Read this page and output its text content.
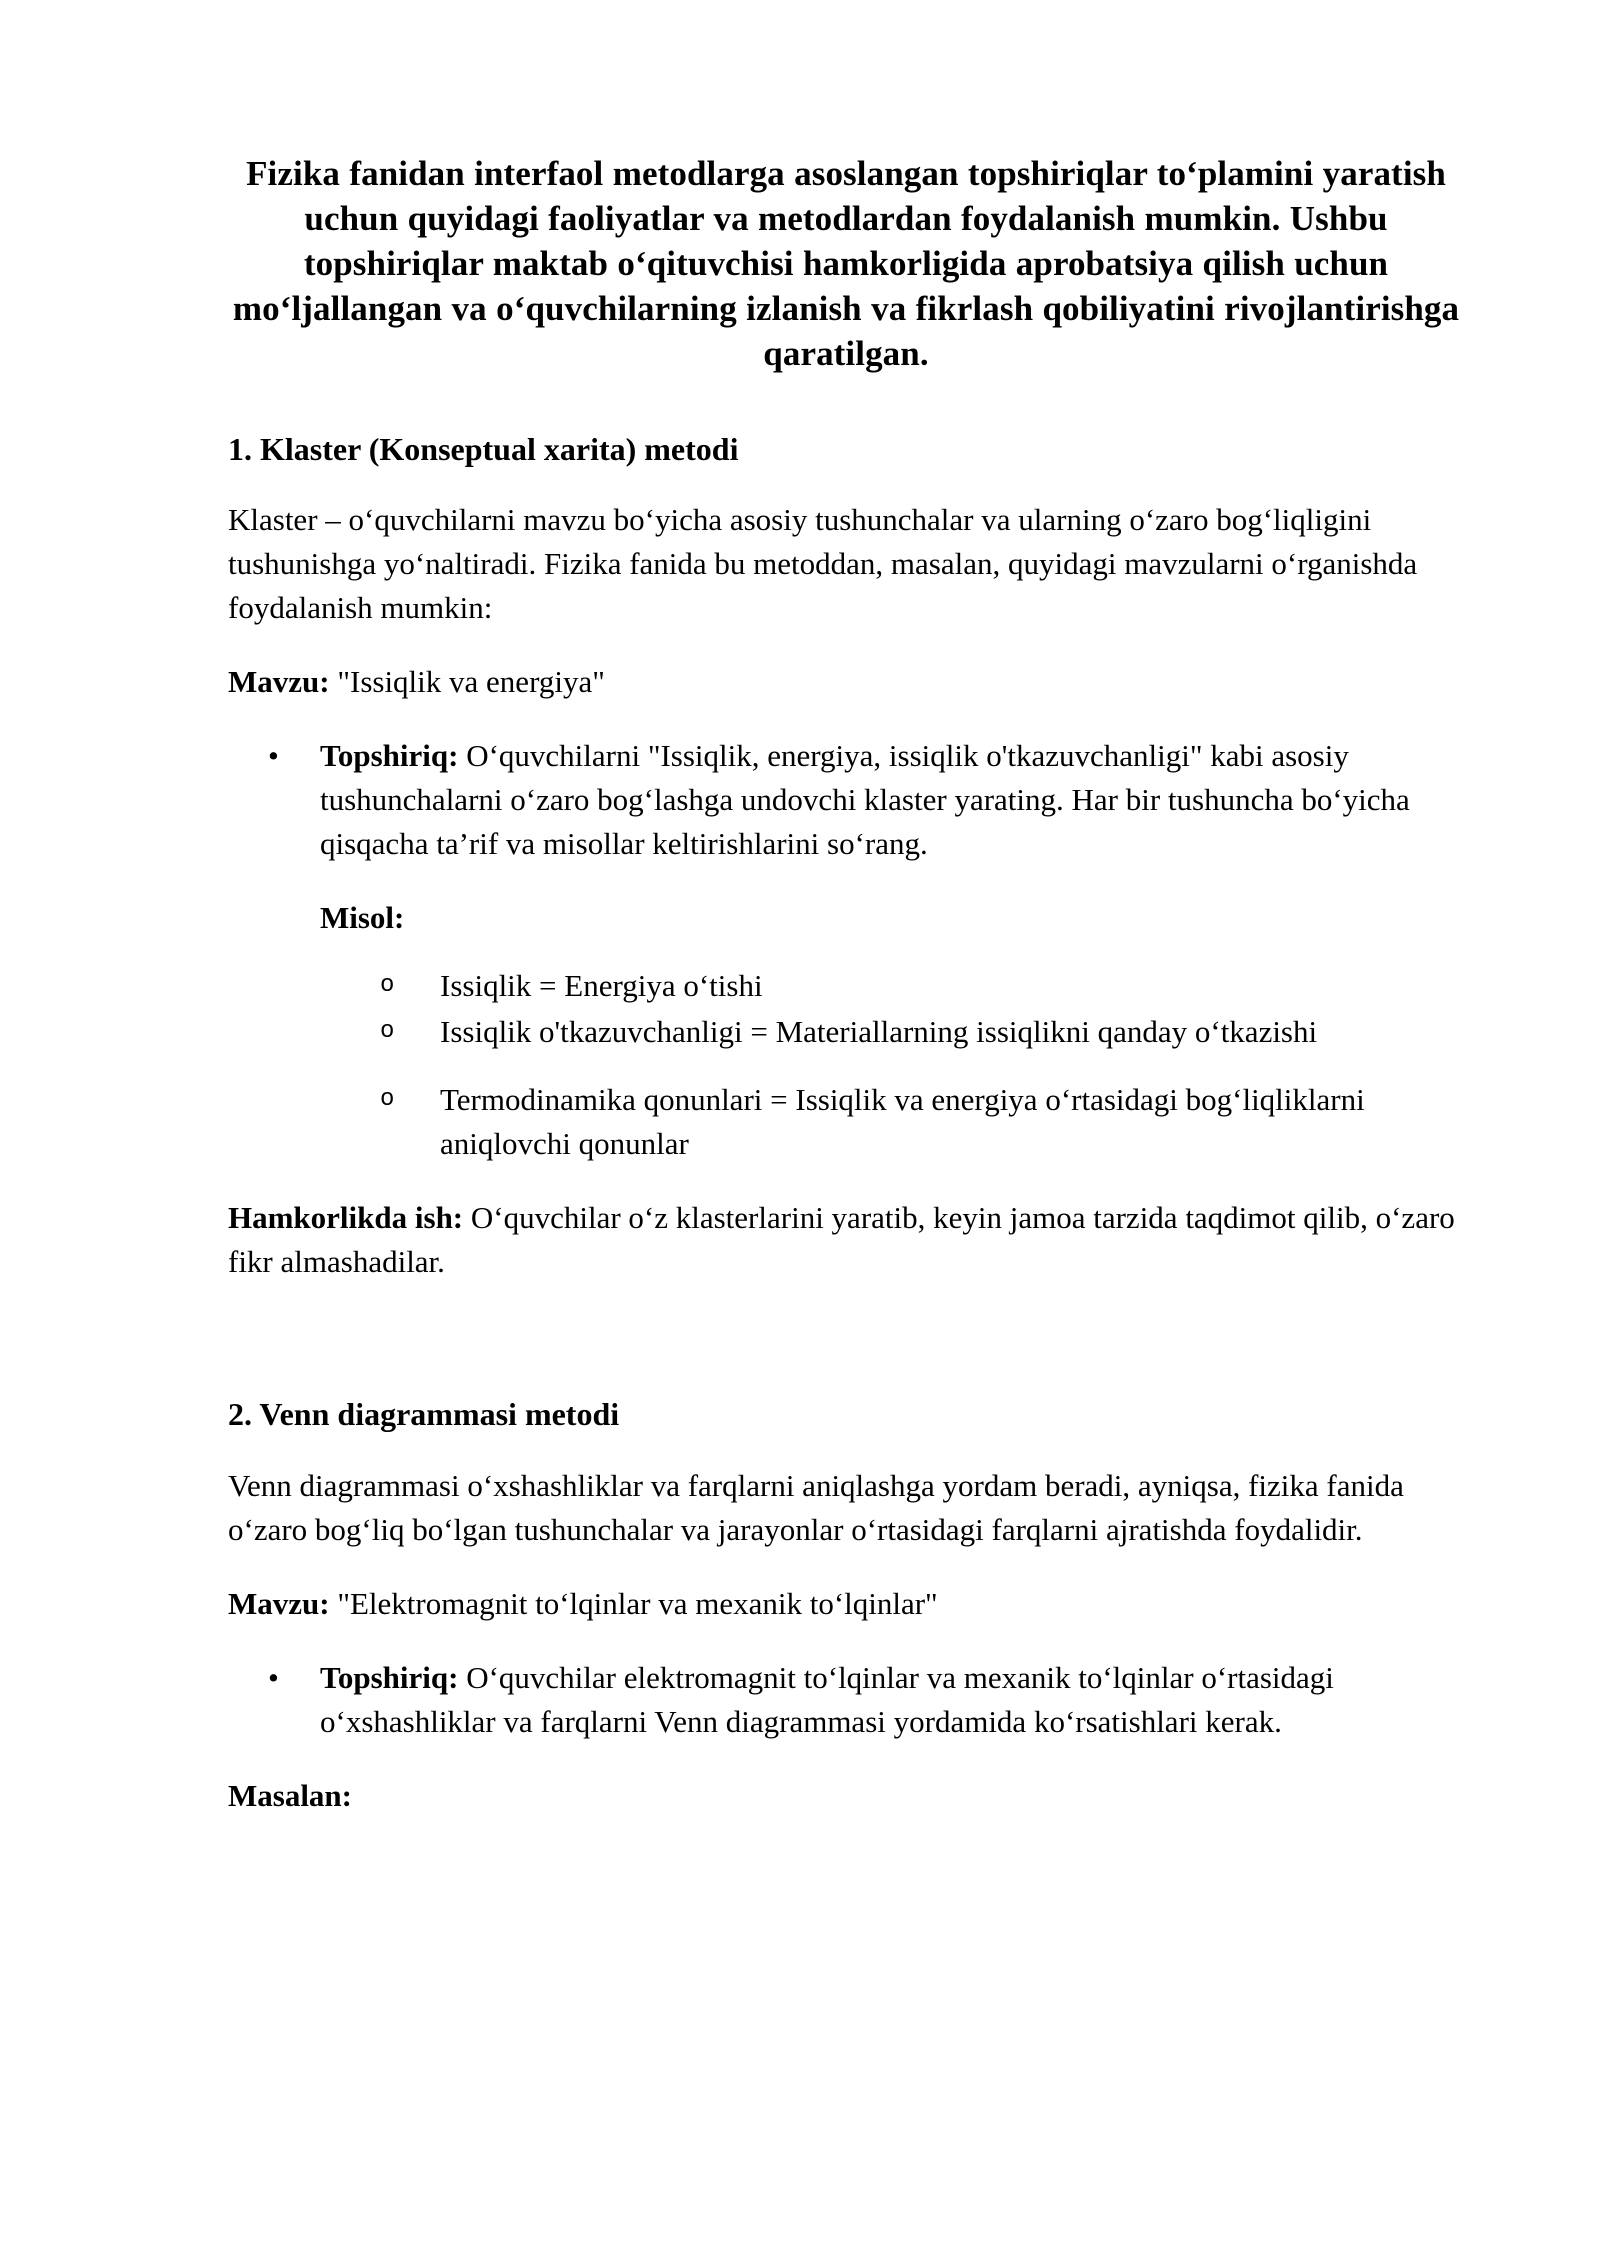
Fizika fanidan interfaol metodlarga asoslangan topshiriqlar to‘plamini yaratish uchun quyidagi faoliyatlar va metodlardan foydalanish mumkin. Ushbu topshiriqlar maktab o‘qituvchisi hamkorligida aprobatsiya qilish uchun mo‘ljallangan va o‘quvchilarning izlanish va fikrlash qobiliyatini rivojlantirishga qaratilgan.

1. Klaster (Konseptual xarita) metodi

Klaster – o‘quvchilarni mavzu bo‘yicha asosiy tushunchalar va ularning o‘zaro bog‘liqligini tushunishga yo‘naltiradi. Fizika fanida bu metoddan, masalan, quyidagi mavzularni o‘rganishda foydalanish mumkin:

Mavzu: "Issiqlik va energiya"

• Topshiriq: O‘quvchilarni "Issiqlik, energiya, issiqlik o'tkazuvchanligi" kabi asosiy tushunchalarni o‘zaro bog‘lashga undovchi klaster yarating. Har bir tushuncha bo‘yicha qisqacha ta’rif va misollar keltirishlarini so‘rang.
Misol:
o Issiqlik = Energiya o‘tishi
o Issiqlik o'tkazuvchanligi = Materiallarning issiqlikni qanday o‘tkazishi
o Termodinamika qonunlari = Issiqlik va energiya o‘rtasidagi bog‘liqliklarni aniqlovchi qonunlar

Hamkorlikda ish: O‘quvchilar o‘z klasterlarini yaratib, keyin jamoa tarzida taqdimot qilib, o‘zaro fikr almashadilar.

2. Venn diagrammasi metodi

Venn diagrammasi o‘xshashliklar va farqlarni aniqlashga yordam beradi, ayniqsa, fizika fanida o‘zaro bog‘liq bo‘lgan tushunchalar va jarayonlar o‘rtasidagi farqlarni ajratishda foydalidir.

Mavzu: "Elektromagnit to‘lqinlar va mexanik to‘lqinlar"

• Topshiriq: O‘quvchilar elektromagnit to‘lqinlar va mexanik to‘lqinlar o‘rtasidagi o‘xshashliklar va farqlarni Venn diagrammasi yordamida ko‘rsatishlari kerak.

Masalan:
